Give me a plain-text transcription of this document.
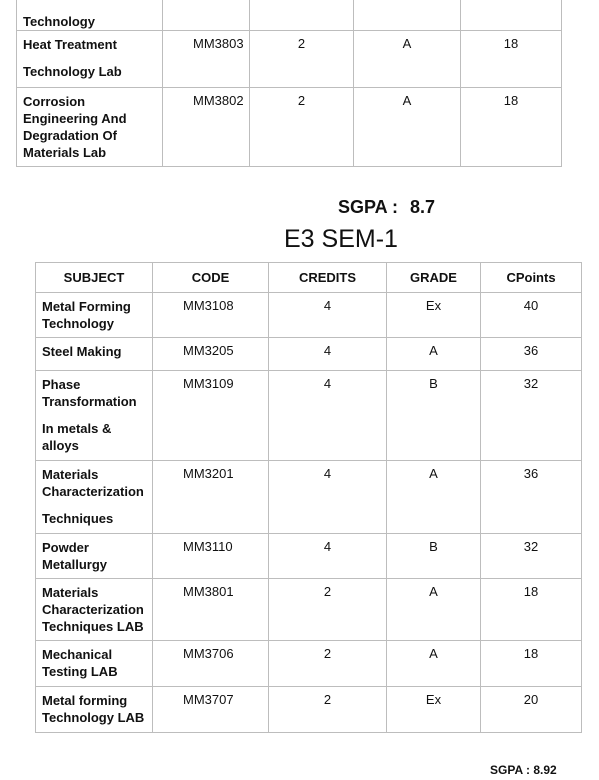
Technology				

Heat Treatment
Technology Lab	MM3803	2	A	18

Corrosion
Engineering And
Degradation Of
Materials Lab	MM3802	2	A	18
SGPA : 8.7
E3 SEM-1
SUBJECT	CODE	CREDITS	GRADE	CPoints

Metal Forming
Technology	MM3108	4	Ex	40

Steel Making	MM3205	4	A	36

Phase
Transformation
In metals &
alloys	MM3109	4	B	32

Materials
Characterization
Techniques	MM3201	4	A	36

Powder
Metallurgy	MM3110	4	B	32

Materials
Characterization
Techniques LAB	MM3801	2	A	18

Mechanical
Testing LAB	MM3706	2	A	18

Metal forming
Technology LAB	MM3707	2	Ex	20
SGPA : 8.92
